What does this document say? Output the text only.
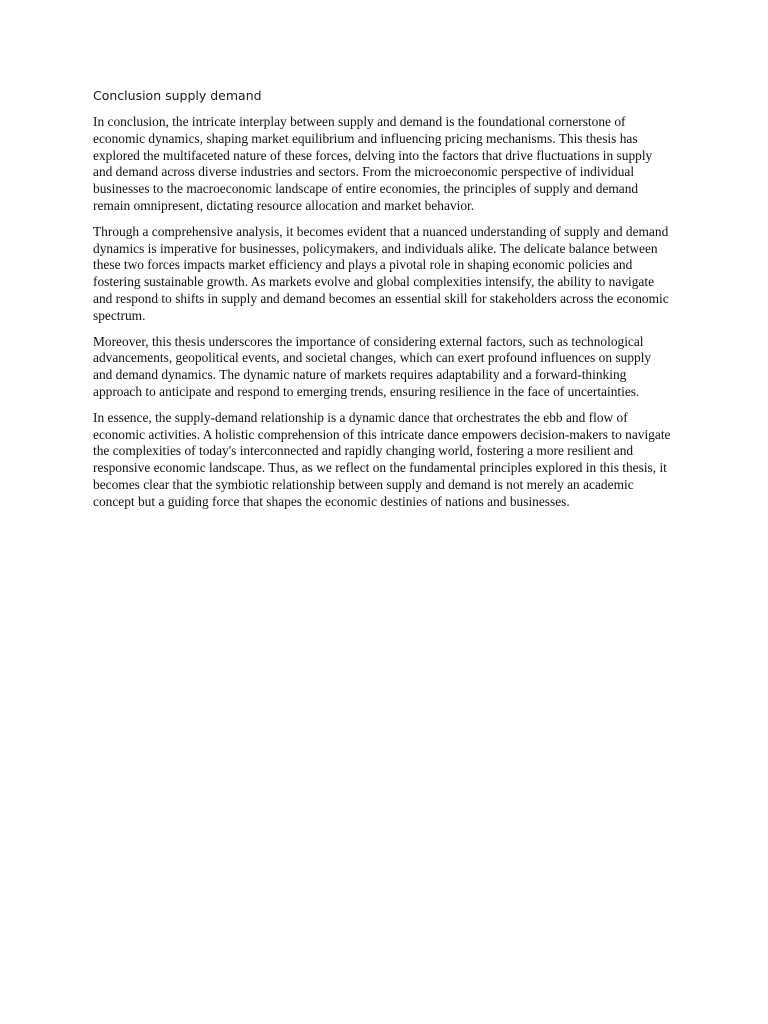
Conclusion supply demand

In conclusion, the intricate interplay between supply and demand is the foundational cornerstone of economic dynamics, shaping market equilibrium and influencing pricing mechanisms. This thesis has explored the multifaceted nature of these forces, delving into the factors that drive fluctuations in supply and demand across diverse industries and sectors. From the microeconomic perspective of individual businesses to the macroeconomic landscape of entire economies, the principles of supply and demand remain omnipresent, dictating resource allocation and market behavior.

Through a comprehensive analysis, it becomes evident that a nuanced understanding of supply and demand dynamics is imperative for businesses, policymakers, and individuals alike. The delicate balance between these two forces impacts market efficiency and plays a pivotal role in shaping economic policies and fostering sustainable growth. As markets evolve and global complexities intensify, the ability to navigate and respond to shifts in supply and demand becomes an essential skill for stakeholders across the economic spectrum.

Moreover, this thesis underscores the importance of considering external factors, such as technological advancements, geopolitical events, and societal changes, which can exert profound influences on supply and demand dynamics. The dynamic nature of markets requires adaptability and a forward-thinking approach to anticipate and respond to emerging trends, ensuring resilience in the face of uncertainties.

In essence, the supply-demand relationship is a dynamic dance that orchestrates the ebb and flow of economic activities. A holistic comprehension of this intricate dance empowers decision-makers to navigate the complexities of today's interconnected and rapidly changing world, fostering a more resilient and responsive economic landscape. Thus, as we reflect on the fundamental principles explored in this thesis, it becomes clear that the symbiotic relationship between supply and demand is not merely an academic concept but a guiding force that shapes the economic destinies of nations and businesses.
